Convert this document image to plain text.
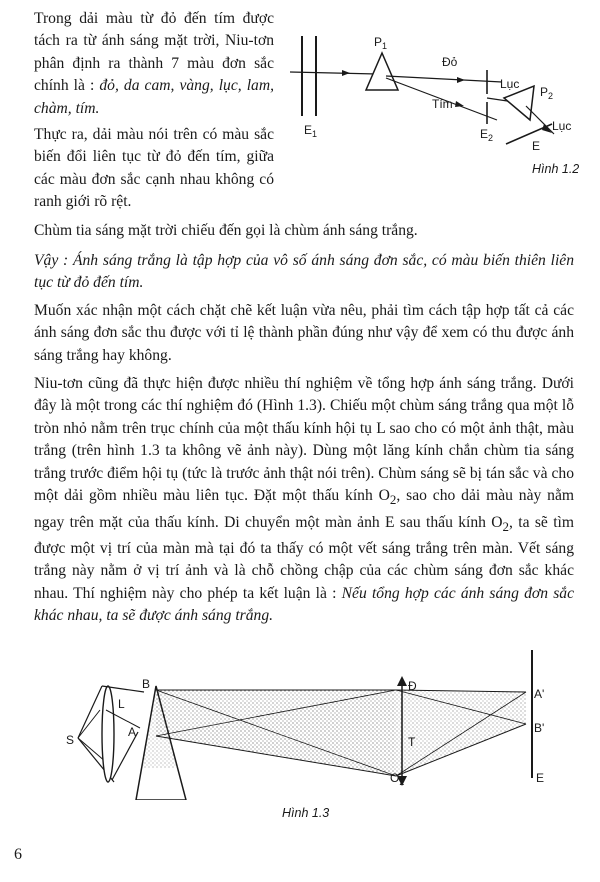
Trong dải màu từ đỏ đến tím được tách ra từ ánh sáng mặt trời, Niu-tơn phân định ra thành 7 màu đơn sắc chính là : đỏ, da cam, vàng, lục, lam, chàm, tím.
Thực ra, dải màu nói trên có màu sắc biến đổi liên tục từ đỏ đến tím, giữa các màu đơn sắc cạnh nhau không có ranh giới rõ rệt.
$P_1$
Đỏ
Tím
Lục
$P_2$
Lục
$E_1$	$E_2$
E
Hình 1.2
Chùm tia sáng mặt trời chiếu đến gọi là chùm ánh sáng trắng.
Vậy : Ánh sáng trắng là tập hợp của vô số ánh sáng đơn sắc, có màu biến thiên liên tục từ đỏ đến tím.
Muốn xác nhận một cách chặt chẽ kết luận vừa nêu, phải tìm cách tập hợp tất cả các ánh sáng đơn sắc thu được với tỉ lệ thành phần đúng như vậy để xem có thu được ánh sáng trắng hay không.
Niu-tơn cũng đã thực hiện được nhiều thí nghiệm về tổng hợp ánh sáng trắng. Dưới đây là một trong các thí nghiệm đó (Hình 1.3). Chiếu một chùm sáng trắng qua một lỗ tròn nhỏ nằm trên trục chính của một thấu kính hội tụ L sao cho có một ảnh thật, màu trắng (trên hình 1.3 ta không vẽ ảnh này). Dùng một lăng kính chắn chùm tia sáng trắng trước điểm hội tụ (tức là trước ảnh thật nói trên). Chùm sáng sẽ bị tán sắc và cho một dải gồm nhiều màu liên tục. Đặt một thấu kính $O_2$, sao cho dải màu này nằm ngay trên mặt của thấu kính. Di chuyển một màn ảnh E sau thấu kính $O_2$, ta sẽ tìm được một vị trí của màn mà tại đó ta thấy có một vết sáng trắng trên màn. Vết sáng trắng này nằm ở vị trí ảnh và là chỗ chồng chập của các chùm sáng đơn sắc khác nhau. Thí nghiệm này cho phép ta kết luận là : Nếu tổng hợp các ánh sáng đơn sắc khác nhau, ta sẽ được ánh sáng trắng.
S
L
A
B	Đ
T
$O_2$
A'
B'
E
Hình 1.3
6
